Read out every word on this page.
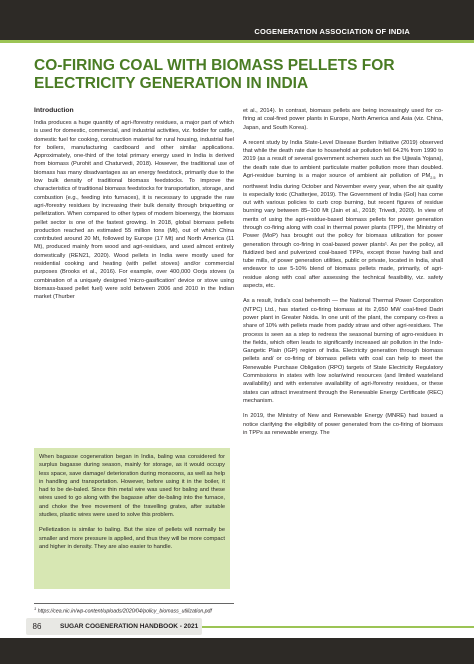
COGENERATION ASSOCIATION OF INDIA
CO-FIRING COAL WITH BIOMASS PELLETS FOR
ELECTRICITY GENERATION IN INDIA
Introduction

India produces a huge quantity of agri-/forestry residues, a major part of which is used for domestic, commercial, and industrial activities, viz. fodder for cattle, domestic fuel for cooking, construction material for rural housing, industrial fuel for boilers, manufacturing cardboard and other similar applications. Approximately, one-third of the total primary energy used in India is derived from biomass (Purohit and Chaturvedi, 2018). However, the traditional use of biomass has many disadvantages as an energy feedstock, primarily due to the low bulk density of traditional biomass feedstocks. To improve the characteristics of traditional biomass feedstocks for transportation, storage, and combustion (e.g., feeding into furnaces), it is necessary to upgrade the raw agri-/forestry residues by increasing their bulk density through briquetting or pelletization. When compared to other types of modern bioenergy, the biomass pellet sector is one of the fastest growing. In 2018, global biomass pellets production reached an estimated 55 million tons (Mt), out of which China contributed around 20 Mt, followed by Europe (17 Mt) and North America (11 Mt), produced mainly from wood and agri-residues, and used almost entirely domestically (REN21, 2020). Wood pellets in India were mostly used for residential cooking and heating (with pellet stoves) and/or commercial purposes (Brooks et al., 2016). For example, over 400,000 Oorja stoves (a combination of a uniquely designed 'micro-gasification' device or stove using biomass-based pellet fuel) were sold between 2006 and 2010 in the Indian market (Thurber

When bagasse cogeneration began in India, baling was considered for surplus bagasse during season, mainly for storage, as it would occupy less space, save damage/ deterioration during monsoons, as well as help in handling and transportation. However, before using it in the boiler, it had to be de-baled. Since thin metal wire was used for baling and these wires used to go along with the bagasse after de-baling into the furnace, and choke the free movement of the travelling grates, after suitable studies, plastic wires were used to solve this problem.

Pelletization is similar to baling. But the size of pellets will normally be smaller and more pressure is applied, and thus they will be more compact and higher in density. They are also easier to handle.

et al., 2014). In contrast, biomass pellets are being increasingly used for co-firing at coal-fired power plants in Europe, North America and Asia (viz. China, Japan, and South Korea).

A recent study by India State-Level Disease Burden Initiative (2019) observed that while the death rate due to household air pollution fell 64.2% from 1990 to 2019 (as a result of several government schemes such as the Ujjwala Yojana), the death rate due to ambient particulate matter pollution more than doubled. Agri-residue burning is a major source of ambient air pollution of $PM_{2.5}$ in northwest India during October and November every year, when the air quality is especially toxic (Chatterjee, 2019). The Government of India (GoI) has come out with various policies to curb crop burning, but recent figures of residue burning vary between 85–100 Mt (Jain et al., 2018; Trivedi, 2020). In view of merits of using the agri-residue-based biomass pellets for power generation through co-firing along with coal in thermal power plants (TPP), the Ministry of Power (MoP) has brought out the policy for biomass utilization for power generation through co-firing in coal-based power plants¹. As per the policy, all fluidized bed and pulverized coal-based TPPs, except those having ball and tube mills, of power generation utilities, public or private, located in India, shall endeavor to use 5-10% blend of biomass pellets made, primarily, of agri-residue along with coal after assessing the technical feasibility, viz. safety aspects, etc.

As a result, India's coal behemoth — the National Thermal Power Corporation (NTPC) Ltd., has started co-firing biomass at its 2,650 MW coal-fired Dadri power plant in Greater Noida. In one unit of the plant, the company co-fires a share of 10% with pellets made from paddy straw and other agri-residues. The process is seen as a step to redress the seasonal burning of agro-residues in the fields, which often leads to significantly increased air pollution in the Indo-Gangetic Plain (IGP) region of India. Electricity generation through biomass pellets and/ or co-firing of biomass pellets with coal can help to meet the Renewable Purchase Obligation (RPO) targets of State Electricity Regulatory Commissions in states with low solar/wind resources (and limited wasteland availability) and with extensive availability of agri-/forestry residues, or these states can attract investment through the Renewable Energy Certificate (REC) mechanism.

In 2019, the Ministry of New and Renewable Energy (MNRE) had issued a notice clarifying the eligibility of power generated from the co-firing of biomass in TPPs as renewable energy. The

$^1$ https://cea.nic.in/wp-content/uploads/2020/04/policy_biomass_utilization.pdf
86	SUGAR COGENERATION HANDBOOK - 2021
